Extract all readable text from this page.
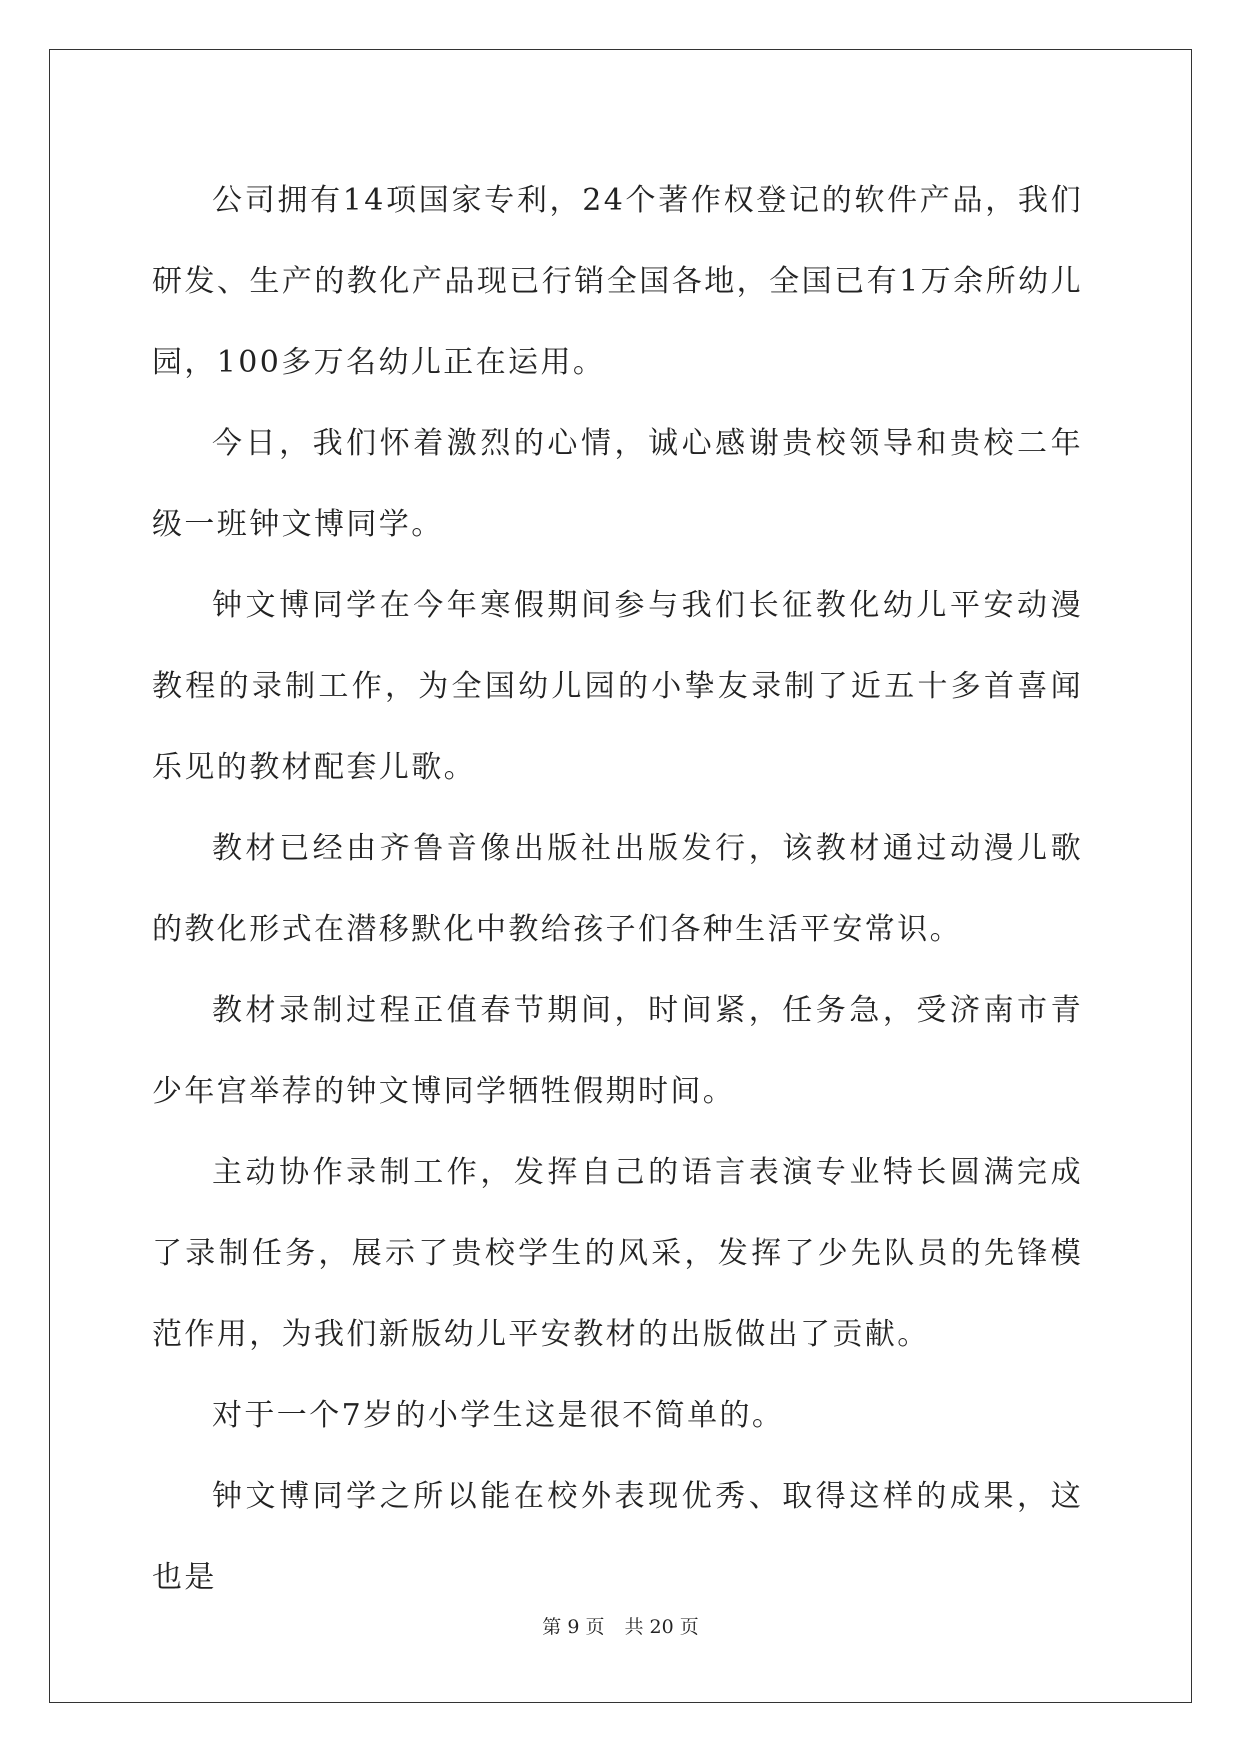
公司拥有14项国家专利，24个著作权登记的软件产品，我们研发、生产的教化产品现已行销全国各地，全国已有1万余所幼儿园，100多万名幼儿正在运用。

今日，我们怀着激烈的心情，诚心感谢贵校领导和贵校二年级一班钟文博同学。

钟文博同学在今年寒假期间参与我们长征教化幼儿平安动漫教程的录制工作，为全国幼儿园的小挚友录制了近五十多首喜闻乐见的教材配套儿歌。

教材已经由齐鲁音像出版社出版发行，该教材通过动漫儿歌的教化形式在潜移默化中教给孩子们各种生活平安常识。

教材录制过程正值春节期间，时间紧，任务急，受济南市青少年宫举荐的钟文博同学牺牲假期时间。

主动协作录制工作，发挥自己的语言表演专业特长圆满完成了录制任务，展示了贵校学生的风采，发挥了少先队员的先锋模范作用，为我们新版幼儿平安教材的出版做出了贡献。

对于一个7岁的小学生这是很不简单的。

钟文博同学之所以能在校外表现优秀、取得这样的成果，这也是

第 9 页 共 20 页
